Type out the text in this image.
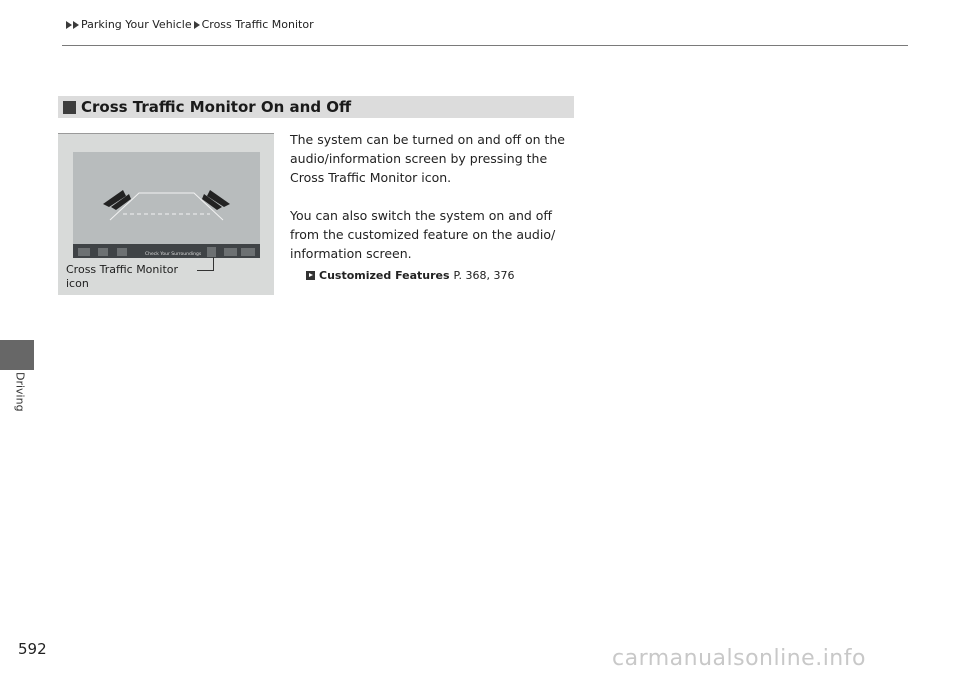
Parking Your Vehicle Cross Traffic Monitor
Driving
Cross Traffic Monitor On and Off
Check Your Surroundings
Cross Traffic Monitor
icon

The system can be turned on and off on the audio/information screen by pressing the Cross Traffic Monitor icon.

You can also switch the system on and off from the customized feature on the audio/ information screen.

Customized Features P. 368, 376
592	carmanualsonline.info
